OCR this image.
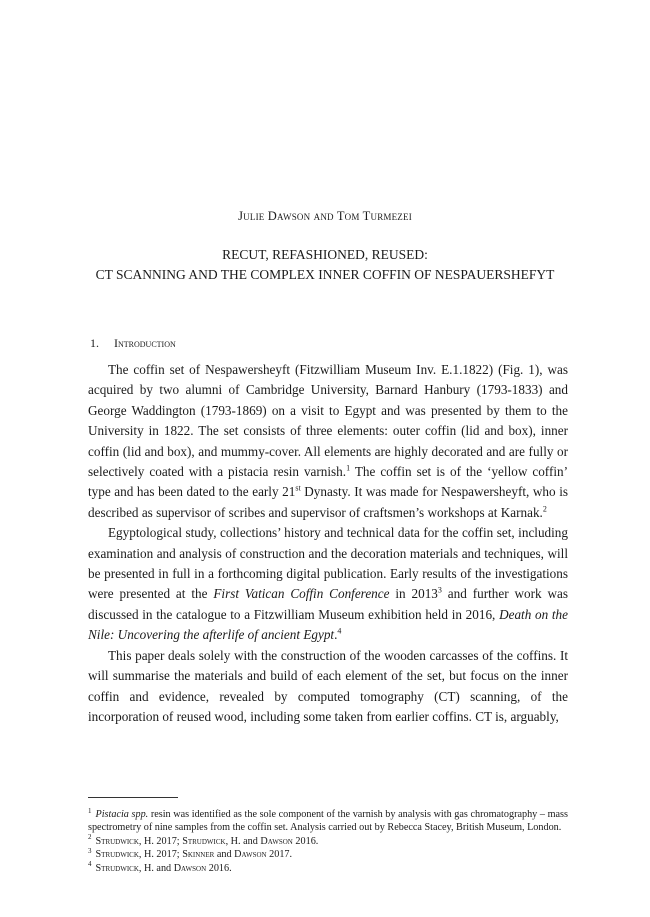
Julie Dawson and Tom Turmezei
RECUT, REFASHIONED, REUSED:
CT SCANNING AND THE COMPLEX INNER COFFIN OF NESPAUERSHEFYT
1. Introduction

The coffin set of Nespawersheyft (Fitzwilliam Museum Inv. E.1.1822) (Fig. 1), was acquired by two alumni of Cambridge University, Barnard Hanbury (1793-1833) and George Waddington (1793-1869) on a visit to Egypt and was presented by them to the University in 1822. The set consists of three elements: outer coffin (lid and box), inner coffin (lid and box), and mummy-cover. All elements are highly decorated and are fully or selectively coated with a pistacia resin varnish.$^1$ The coffin set is of the ‘yellow coffin’ type and has been dated to the early 21st Dynasty. It was made for Nespawersheyft, who is described as supervisor of scribes and supervisor of craftsmen’s workshops at Karnak.$^2$

Egyptological study, collections’ history and technical data for the coffin set, including examination and analysis of construction and the decoration materials and techniques, will be presented in full in a forthcoming digital publication. Early results of the investigations were presented at the First Vatican Coffin Conference in 2013$^3$ and further work was discussed in the catalogue to a Fitzwilliam Museum exhibition held in 2016, Death on the Nile: Uncovering the afterlife of ancient Egypt.$^4$

This paper deals solely with the construction of the wooden carcasses of the coffins. It will summarise the materials and build of each element of the set, but focus on the inner coffin and evidence, revealed by computed tomography (CT) scanning, of the incorporation of reused wood, including some taken from earlier coffins. CT is, arguably,

$^1$ Pistacia spp. resin was identified as the sole component of the varnish by analysis with gas chromatography – mass spectrometry of nine samples from the coffin set. Analysis carried out by Rebecca Stacey, British Museum, London.

$^2$ Strudwick, H. 2017; Strudwick, H. and Dawson 2016.

$^3$ Strudwick, H. 2017; Skinner and Dawson 2017.

$^4$ Strudwick, H. and Dawson 2016.
